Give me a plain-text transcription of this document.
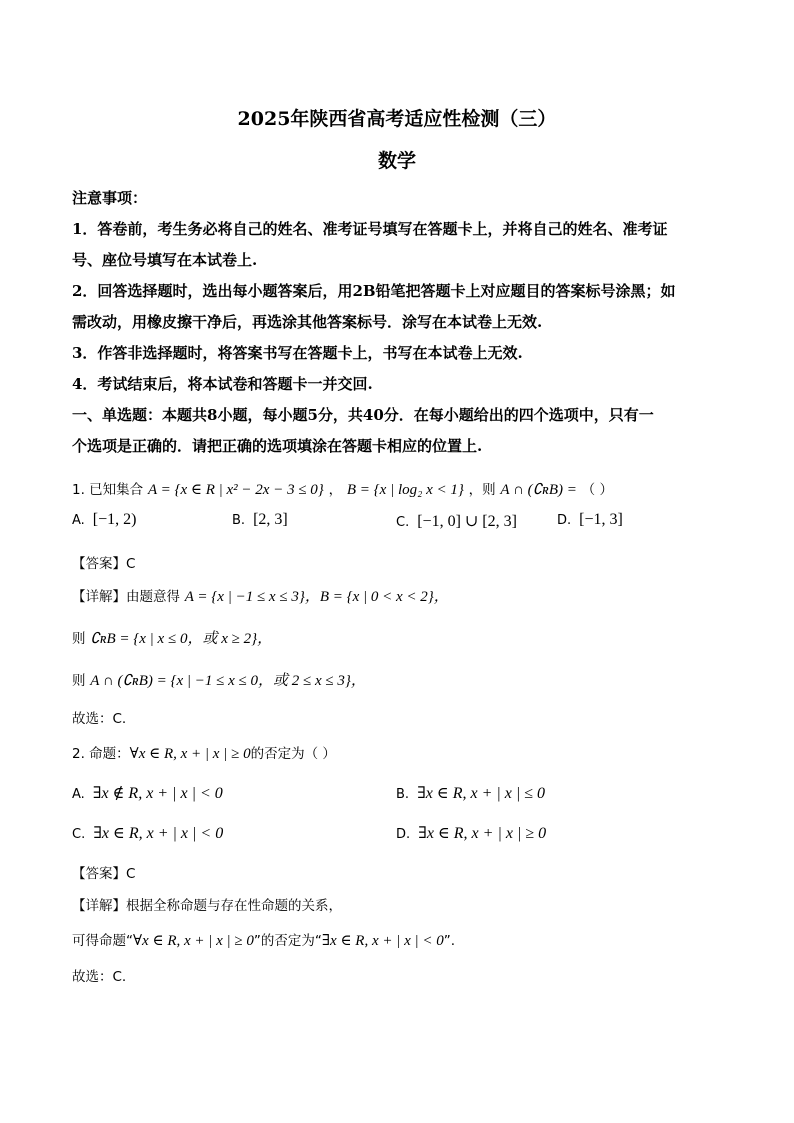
2025年陕西省高考适应性检测（三）
数学
注意事项：
1．答卷前，考生务必将自己的姓名、准考证号填写在答题卡上，并将自己的姓名、准考证
号、座位号填写在本试卷上.
2．回答选择题时，选出每小题答案后，用2B铅笔把答题卡上对应题目的答案标号涂黑；如
需改动，用橡皮擦干净后，再选涂其他答案标号．涂写在本试卷上无效.
3．作答非选择题时，将答案书写在答题卡上，书写在本试卷上无效.
4．考试结束后，将本试卷和答题卡一并交回.
一、单选题：本题共8小题，每小题5分，共40分．在每小题给出的四个选项中，只有一
个选项是正确的．请把正确的选项填涂在答题卡相应的位置上.
1. 已知集合 A = {x ∈ R | x² − 2x − 3 ≤ 0} ， B = {x | log₂ x < 1} ，则 A ∩ (∁ʀB) = （ ）
A. [−1, 2)	B. [2, 3]	C. [−1, 0] ∪ [2, 3]	D. [−1, 3]
【答案】C
【详解】由题意得 A = {x | −1 ≤ x ≤ 3}，B = {x | 0 < x < 2}，
则 ∁ʀB = {x | x ≤ 0，或 x ≥ 2}，
则 A ∩ (∁ʀB) = {x | −1 ≤ x ≤ 0，或 2 ≤ x ≤ 3}，
故选：C.
2. 命题：∀x ∈ R, x + | x | ≥ 0的否定为（ ）
A. ∃x ∉ R, x + | x | < 0	B. ∃x ∈ R, x + | x | ≤ 0
C. ∃x ∈ R, x + | x | < 0	D. ∃x ∈ R, x + | x | ≥ 0
【答案】C
【详解】根据全称命题与存在性命题的关系，
可得命题“∀x ∈ R, x + | x | ≥ 0”的否定为“∃x ∈ R, x + | x | < 0”.
故选：C.
